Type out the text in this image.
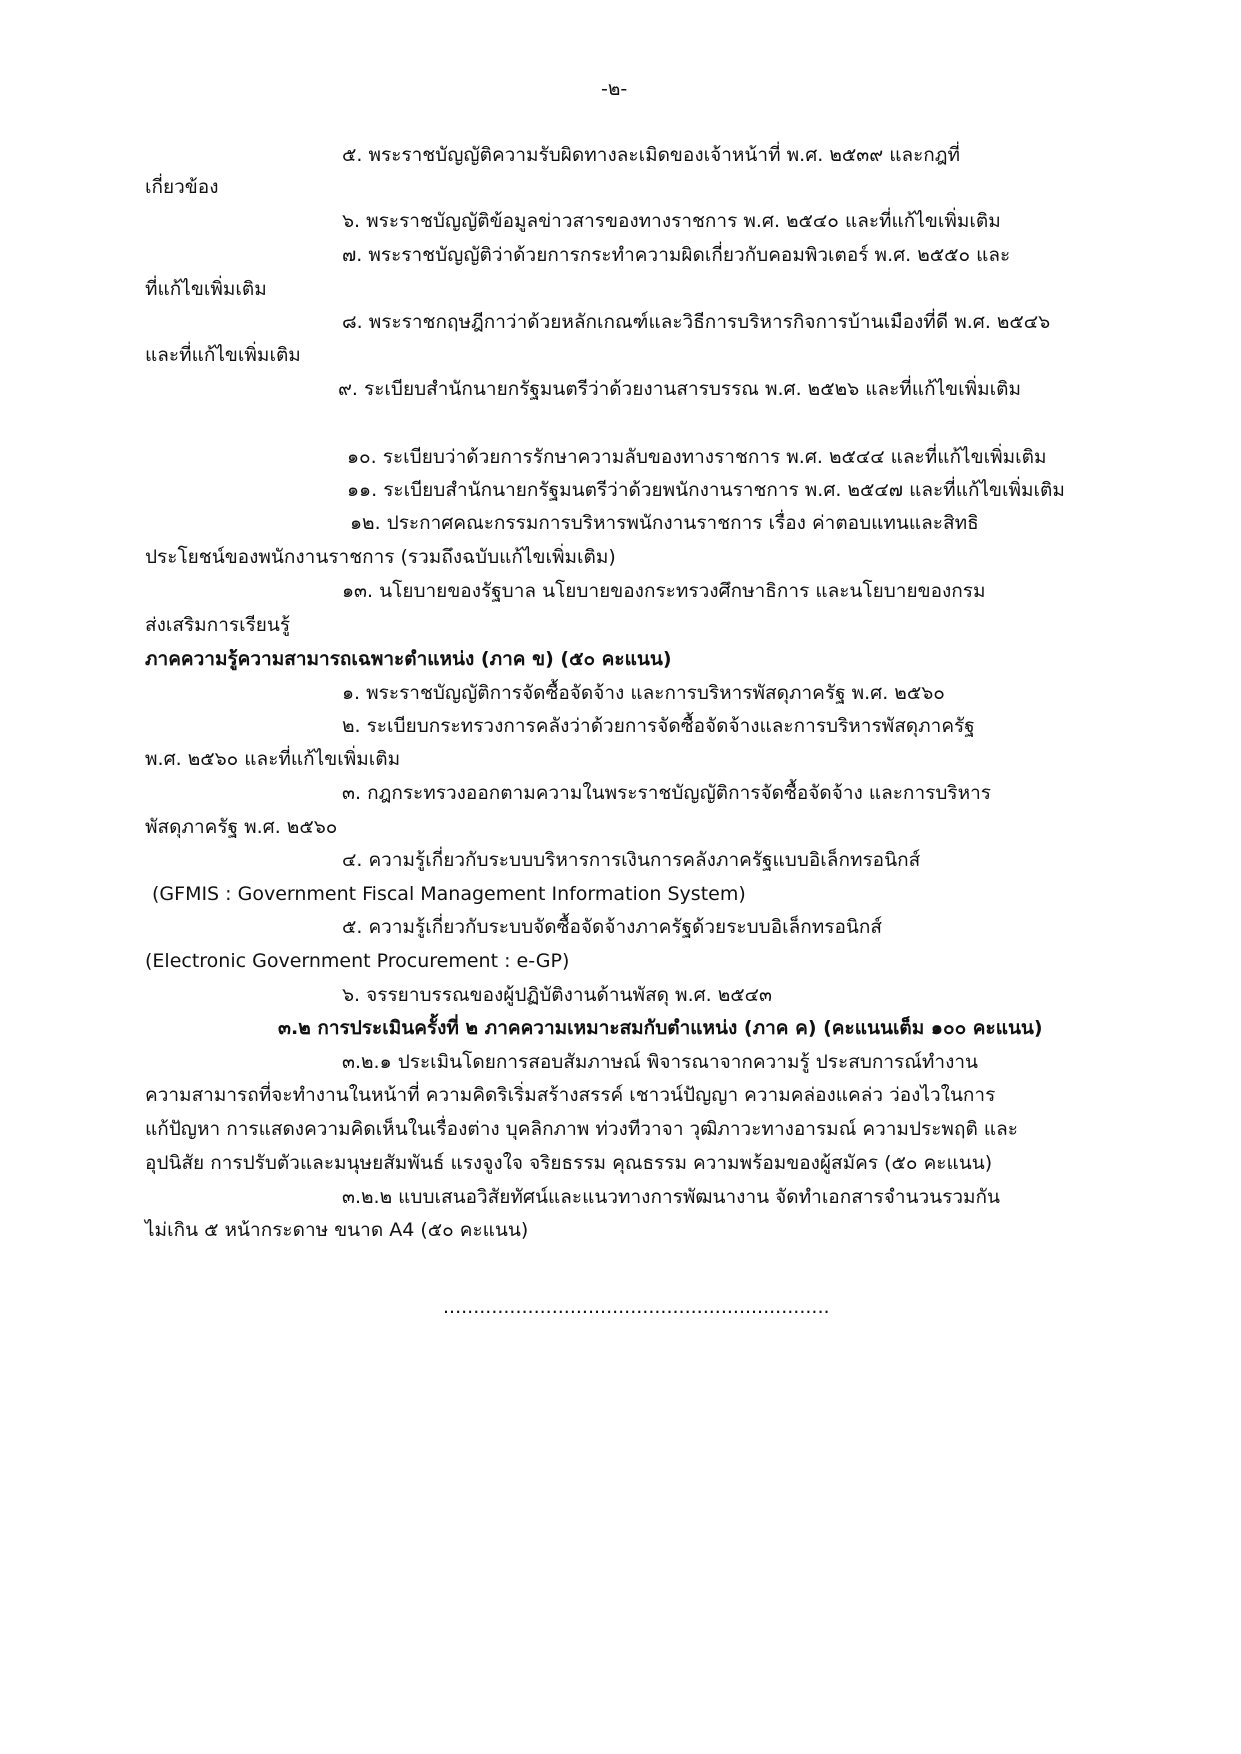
-๒-
๕. พระราชบัญญัติความรับผิดทางละเมิดของเจ้าหน้าที่ พ.ศ. ๒๕๓๙ และกฎที่
เกี่ยวข้อง
๖. พระราชบัญญัติข้อมูลข่าวสารของทางราชการ พ.ศ. ๒๕๔๐ และที่แก้ไขเพิ่มเติม
๗. พระราชบัญญัติว่าด้วยการกระทำความผิดเกี่ยวกับคอมพิวเตอร์ พ.ศ. ๒๕๕๐ และ
ที่แก้ไขเพิ่มเติม
๘. พระราชกฤษฎีกาว่าด้วยหลักเกณฑ์และวิธีการบริหารกิจการบ้านเมืองที่ดี พ.ศ. ๒๕๔๖
และที่แก้ไขเพิ่มเติม
๙. ระเบียบสำนักนายกรัฐมนตรีว่าด้วยงานสารบรรณ พ.ศ. ๒๕๒๖ และที่แก้ไขเพิ่มเติม
๑๐. ระเบียบว่าด้วยการรักษาความลับของทางราชการ พ.ศ. ๒๕๔๔ และที่แก้ไขเพิ่มเติม
๑๑. ระเบียบสำนักนายกรัฐมนตรีว่าด้วยพนักงานราชการ พ.ศ. ๒๕๔๗ และที่แก้ไขเพิ่มเติม
๑๒. ประกาศคณะกรรมการบริหารพนักงานราชการ เรื่อง ค่าตอบแทนและสิทธิ
ประโยชน์ของพนักงานราชการ (รวมถึงฉบับแก้ไขเพิ่มเติม)
๑๓. นโยบายของรัฐบาล นโยบายของกระทรวงศึกษาธิการ และนโยบายของกรม
ส่งเสริมการเรียนรู้
ภาคความรู้ความสามารถเฉพาะตำแหน่ง (ภาค ข) (๕๐ คะแนน)
๑. พระราชบัญญัติการจัดซื้อจัดจ้าง และการบริหารพัสดุภาครัฐ พ.ศ. ๒๕๖๐
๒. ระเบียบกระทรวงการคลังว่าด้วยการจัดซื้อจัดจ้างและการบริหารพัสดุภาครัฐ
พ.ศ. ๒๕๖๐ และที่แก้ไขเพิ่มเติม
๓. กฎกระทรวงออกตามความในพระราชบัญญัติการจัดซื้อจัดจ้าง และการบริหาร
พัสดุภาครัฐ พ.ศ. ๒๕๖๐
๔. ความรู้เกี่ยวกับระบบบริหารการเงินการคลังภาครัฐแบบอิเล็กทรอนิกส์
(GFMIS : Government Fiscal Management Information System)
๕. ความรู้เกี่ยวกับระบบจัดซื้อจัดจ้างภาครัฐด้วยระบบอิเล็กทรอนิกส์
(Electronic Government Procurement : e-GP)
๖. จรรยาบรรณของผู้ปฏิบัติงานด้านพัสดุ พ.ศ. ๒๕๔๓
๓.๒ การประเมินครั้งที่ ๒ ภาคความเหมาะสมกับตำแหน่ง (ภาค ค) (คะแนนเต็ม ๑๐๐ คะแนน)
๓.๒.๑ ประเมินโดยการสอบสัมภาษณ์ พิจารณาจากความรู้ ประสบการณ์ทำงาน
ความสามารถที่จะทำงานในหน้าที่ ความคิดริเริ่มสร้างสรรค์ เชาวน์ปัญญา ความคล่องแคล่ว ว่องไวในการ
แก้ปัญหา การแสดงความคิดเห็นในเรื่องต่าง บุคลิกภาพ ท่วงทีวาจา วุฒิภาวะทางอารมณ์ ความประพฤติ และ
อุปนิสัย การปรับตัวและมนุษยสัมพันธ์ แรงจูงใจ จริยธรรม คุณธรรม ความพร้อมของผู้สมัคร (๕๐ คะแนน)
๓.๒.๒ แบบเสนอวิสัยทัศน์และแนวทางการพัฒนางาน จัดทำเอกสารจำนวนรวมกัน
ไม่เกิน ๕ หน้ากระดาษ ขนาด A4 (๕๐ คะแนน)
................................................................
